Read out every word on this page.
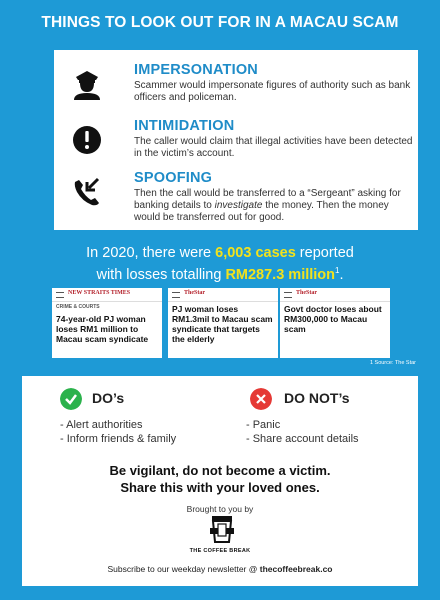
THINGS TO LOOK OUT FOR IN A MACAU SCAM
IMPERSONATION
Scammer would impersonate figures of authority such as bank officers and policeman.
INTIMIDATION
The caller would claim that illegal activities have been detected in the victim’s account.
SPOOFING
Then the call would be transferred to a “Sergeant” asking for banking details to investigate the money. Then the money would be transferred out for good.
In 2020, there were 6,003 cases reported
with losses totalling RM287.3 million$^1$.
NEW STRAITS TIMES
CRIME & COURTS
74-year-old PJ woman loses RM1 million to Macau scam syndicate
TheStar
PJ woman loses RM1.3mil to Macau scam syndicate that targets the elderly
TheStar
Govt doctor loses about RM300,000 to Macau scam
1 Source: The Star
DO’s
- Alert authorities
- Inform friends & family
DO NOT’s
- Panic
- Share account details
Be vigilant, do not become a victim.
Share this with your loved ones.
Brought to you by
THE COFFEE BREAK
Subscribe to our weekday newsletter @ thecoffeebreak.co
